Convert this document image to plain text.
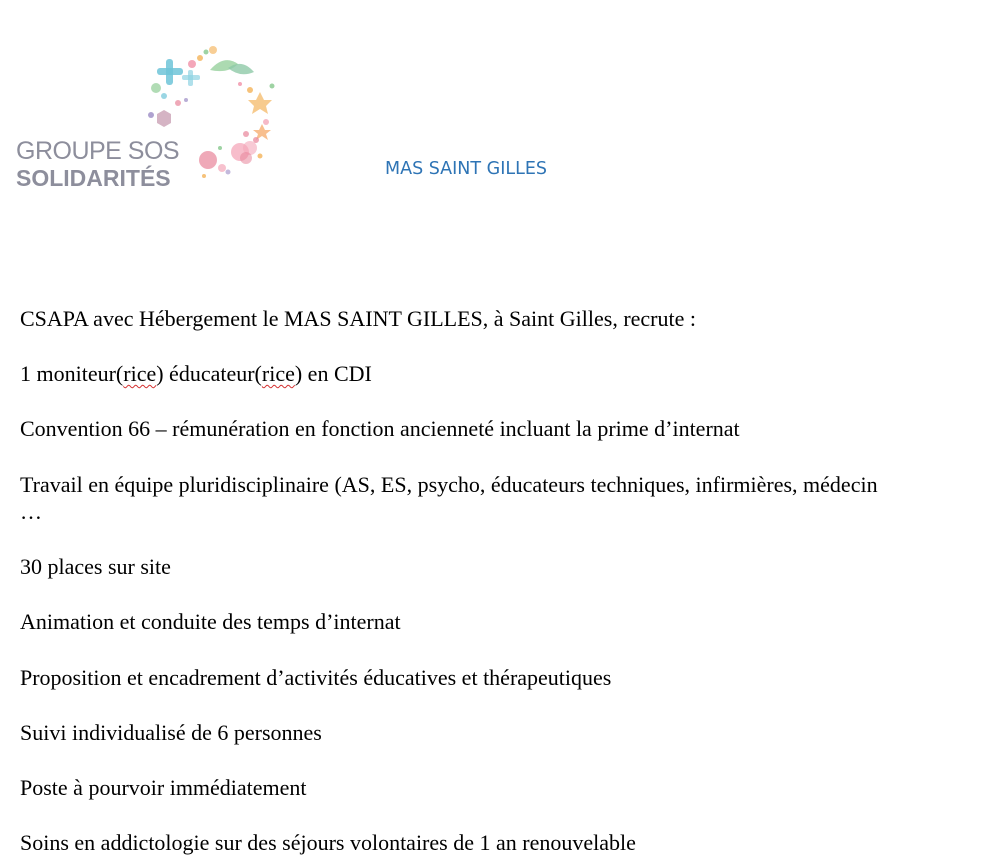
GROUPE SOS
SOLIDARITÉS	MAS SAINT GILLES
CSAPA avec Hébergement le MAS SAINT GILLES, à Saint Gilles, recrute :
1 moniteur(rice) éducateur(rice) en CDI
Convention 66 – rémunération en fonction ancienneté incluant la prime d’internat
Travail en équipe pluridisciplinaire (AS, ES, psycho, éducateurs techniques, infirmières, médecin
…
30 places sur site
Animation et conduite des temps d’internat
Proposition et encadrement d’activités éducatives et thérapeutiques
Suivi individualisé de 6 personnes
Poste à pourvoir immédiatement
Soins en addictologie sur des séjours volontaires de 1 an renouvelable
